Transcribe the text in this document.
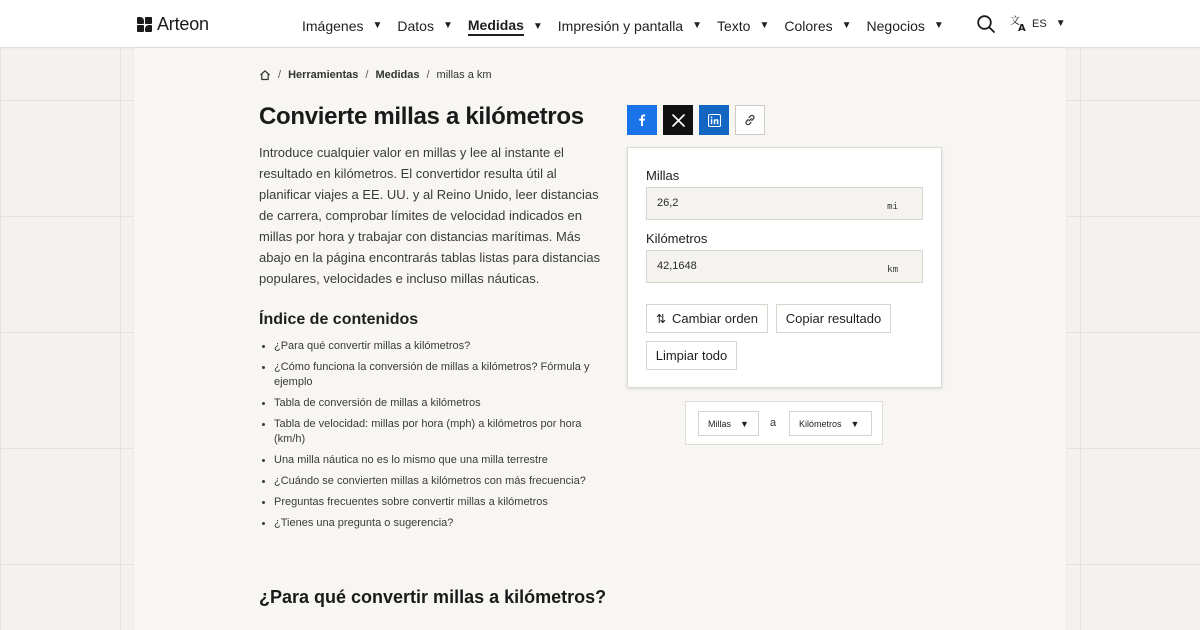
Arteon	Imágenes ▼ Datos ▼ Medidas ▼ Impresión y pantalla ▼ Texto ▼ Colores ▼ Negocios ▼	文
A ES ▼
/ Herramientas / Medidas / millas a km
Convierte millas a kilómetros

Introduce cualquier valor en millas y lee al instante el resultado en kilómetros. El convertidor resulta útil al planificar viajes a EE. UU. y al Reino Unido, leer distancias de carrera, comprobar límites de velocidad indicados en millas por hora y trabajar con distancias marítimas. Más abajo en la página encontrarás tablas listas para distancias populares, velocidades e incluso millas náuticas.

Índice de contenidos
¿Para qué convertir millas a kilómetros?
¿Cómo funciona la conversión de millas a kilómetros? Fórmula y ejemplo
Tabla de conversión de millas a kilómetros
Tabla de velocidad: millas por hora (mph) a kilómetros por hora (km/h)
Una milla náutica no es lo mismo que una milla terrestre
¿Cuándo se convierten millas a kilómetros con más frecuencia?
Preguntas frecuentes sobre convertir millas a kilómetros
¿Tienes una pregunta o sugerencia?
¿Para qué convertir millas a kilómetros?
Millas
26,2	mi
Kilómetros
42,1648	km
⇅ Cambiar orden Copiar resultado
Limpiar todo
Millas ▼ a	Kilómetros ▼
